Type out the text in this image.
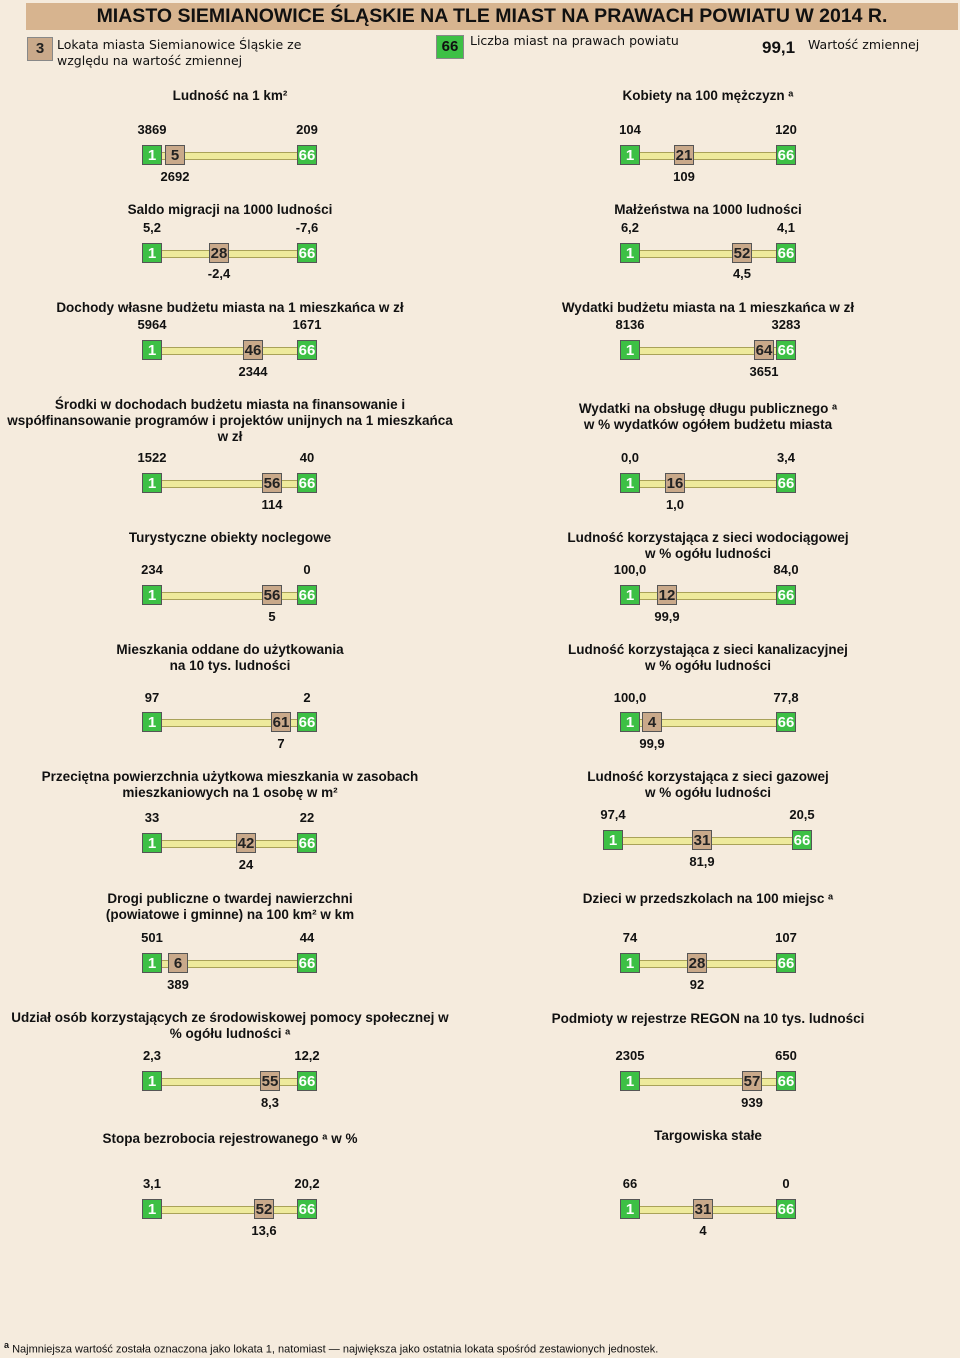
MIASTO SIEMIANOWICE ŚLĄSKIE NA TLE MIAST NA PRAWACH POWIATU W 2014 R.
3	Lokata miasta Siemianowice Śląskie ze
względu na wartość zmiennej
66 Liczba miast na prawach powiatu	99,1 Wartość zmiennej
Ludność na 1 km²
3869	209
2692
1	66
5
Kobiety na 100 mężczyzn ᵃ
104	120
109
1	66
21
Saldo migracji na 1000 ludności
5,2	-7,6
-2,4
1	66
28
Małżeństwa na 1000 ludności
6,2	4,1
4,5
1	66
52
Dochody własne budżetu miasta na 1 mieszkańca w zł
5964	1671
2344
1	66
46
Wydatki budżetu miasta na 1 mieszkańca w zł
8136	3283
3651
1	66
64
Środki w dochodach budżetu miasta na finansowanie i
współfinansowanie programów i projektów unijnych na 1 mieszkańca
w zł
1522	40
114
1	66
56
Wydatki na obsługę długu publicznego ᵃ
w % wydatków ogółem budżetu miasta
0,0	3,4
1,0
1	66
16
Turystyczne obiekty noclegowe
234	0
5
1	66
56
Ludność korzystająca z sieci wodociągowej
w % ogółu ludności
100,0	84,0
99,9
1	66
12
Mieszkania oddane do użytkowania
na 10 tys. ludności
97	2
7
1	66
61
Ludność korzystająca z sieci kanalizacyjnej
w % ogółu ludności
100,0	77,8
99,9
1	66
4
Przeciętna powierzchnia użytkowa mieszkania w zasobach
mieszkaniowych na 1 osobę w m²
33	22
24
1	66
42
Ludność korzystająca z sieci gazowej
w % ogółu ludności
97,4	20,5
81,9
1	66
31
Drogi publiczne o twardej nawierzchni
(powiatowe i gminne) na 100 km² w km
501	44
389
1	66
6
Dzieci w przedszkolach na 100 miejsc ᵃ
74	107
92
1	66
28
Udział osób korzystających ze środowiskowej pomocy społecznej w
% ogółu ludności ᵃ
2,3	12,2
8,3
1	66
55
Podmioty w rejestrze REGON na 10 tys. ludności
2305	650
939
1	66
57
Stopa bezrobocia rejestrowanego ᵃ w %
3,1	20,2
13,6
1	66
52
Targowiska stałe
66	0
4
1	66
31
$^a$ Najmniejsza wartość została oznaczona jako lokata 1, natomiast — największa jako ostatnia lokata spośród zestawionych jednostek.
